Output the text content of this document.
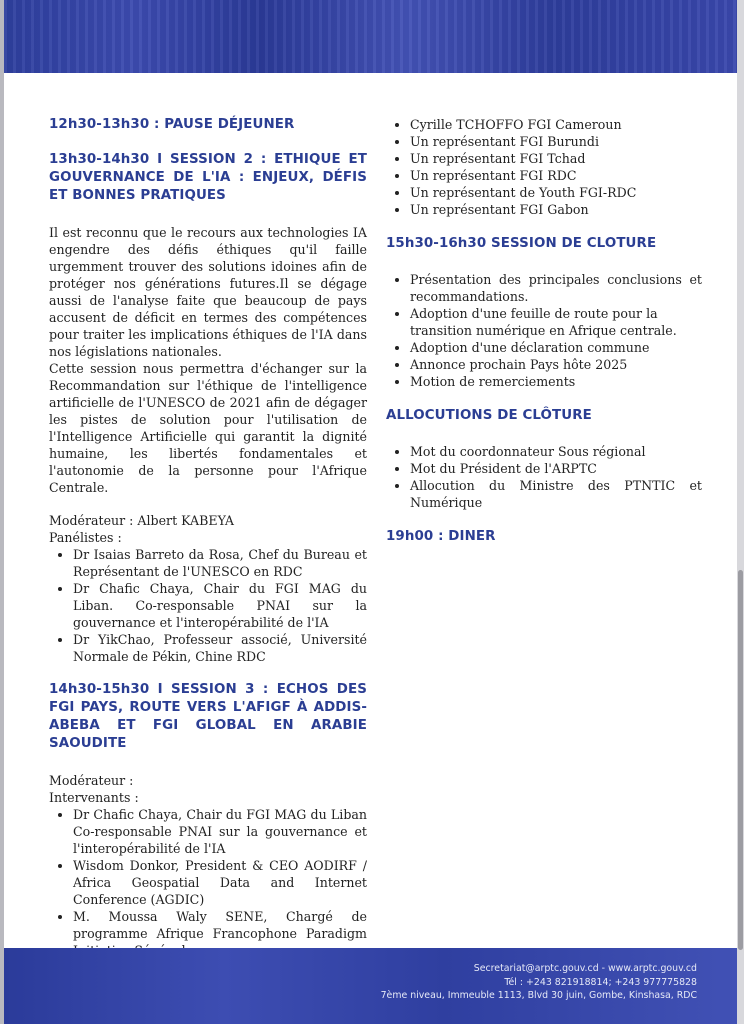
12h30-13h30 : PAUSE DÉJEUNER
13h30-14h30 I SESSION 2 : ETHIQUE ET GOUVERNANCE DE L'IA : ENJEUX, DÉFIS ET BONNES PRATIQUES

Il est reconnu que le recours aux technologies IA engendre des défis éthiques qu'il faille urgemment trouver des solutions idoines afin de protéger nos générations futures.Il se dégage aussi de l'analyse faite que beaucoup de pays accusent de déficit en termes des compétences pour traiter les implications éthiques de l'IA dans nos législations nationales.

Cette session nous permettra d'échanger sur la Recommandation sur l'éthique de l'intelligence artificielle de l'UNESCO de 2021 afin de dégager les pistes de solution pour l'utilisation de l'Intelligence Artificielle qui garantit la dignité humaine, les libertés fondamentales et l'autonomie de la personne pour l'Afrique Centrale.

Modérateur : Albert KABEYA

Panélistes :

Dr Isaias Barreto da Rosa, Chef du Bureau et Représentant de l'UNESCO en RDC
Dr Chafic Chaya, Chair du FGI MAG du Liban. Co-responsable PNAI sur la gouvernance et l'interopérabilité de l'IA
Dr YikChao, Professeur associé, Université Normale de Pékin, Chine RDC
14h30-15h30 I SESSION 3 : ECHOS DES FGI PAYS, ROUTE VERS L'AFIGF À ADDIS-ABEBA ET FGI GLOBAL EN ARABIE SAOUDITE

Modérateur :

Intervenants :

Dr Chafic Chaya, Chair du FGI MAG du Liban Co-responsable PNAI sur la gouvernance et l'interopérabilité de l'IA
Wisdom Donkor, President & CEO AODIRF / Africa Geospatial Data and Internet Conference (AGDIC)
M. Moussa Waly SENE, Chargé de programme Afrique Francophone Paradigm
Cyrille TCHOFFO FGI Cameroun
Un représentant FGI Burundi
Un représentant FGI Tchad
Un représentant FGI RDC
Un représentant de Youth FGI-RDC
Un représentant FGI Gabon
15h30-16h30 SESSION DE CLOTURE
Présentation des principales conclusions et recommandations.
Adoption d'une feuille de route pour la transition numérique en Afrique centrale.
Adoption d'une déclaration commune
Annonce prochain Pays hôte 2025
Motion de remerciements
ALLOCUTIONS DE CLÔTURE
Mot du coordonnateur Sous régional
Mot du Président de l'ARPTC
Allocution du Ministre des PTNTIC et Numérique
19h00 : DINER
Secretariat@arptc.gouv.cd - www.arptc.gouv.cd
Tél : +243 821918814; +243 977775828
7ème niveau, Immeuble 1113, Blvd 30 juin, Gombe, Kinshasa, RDC
